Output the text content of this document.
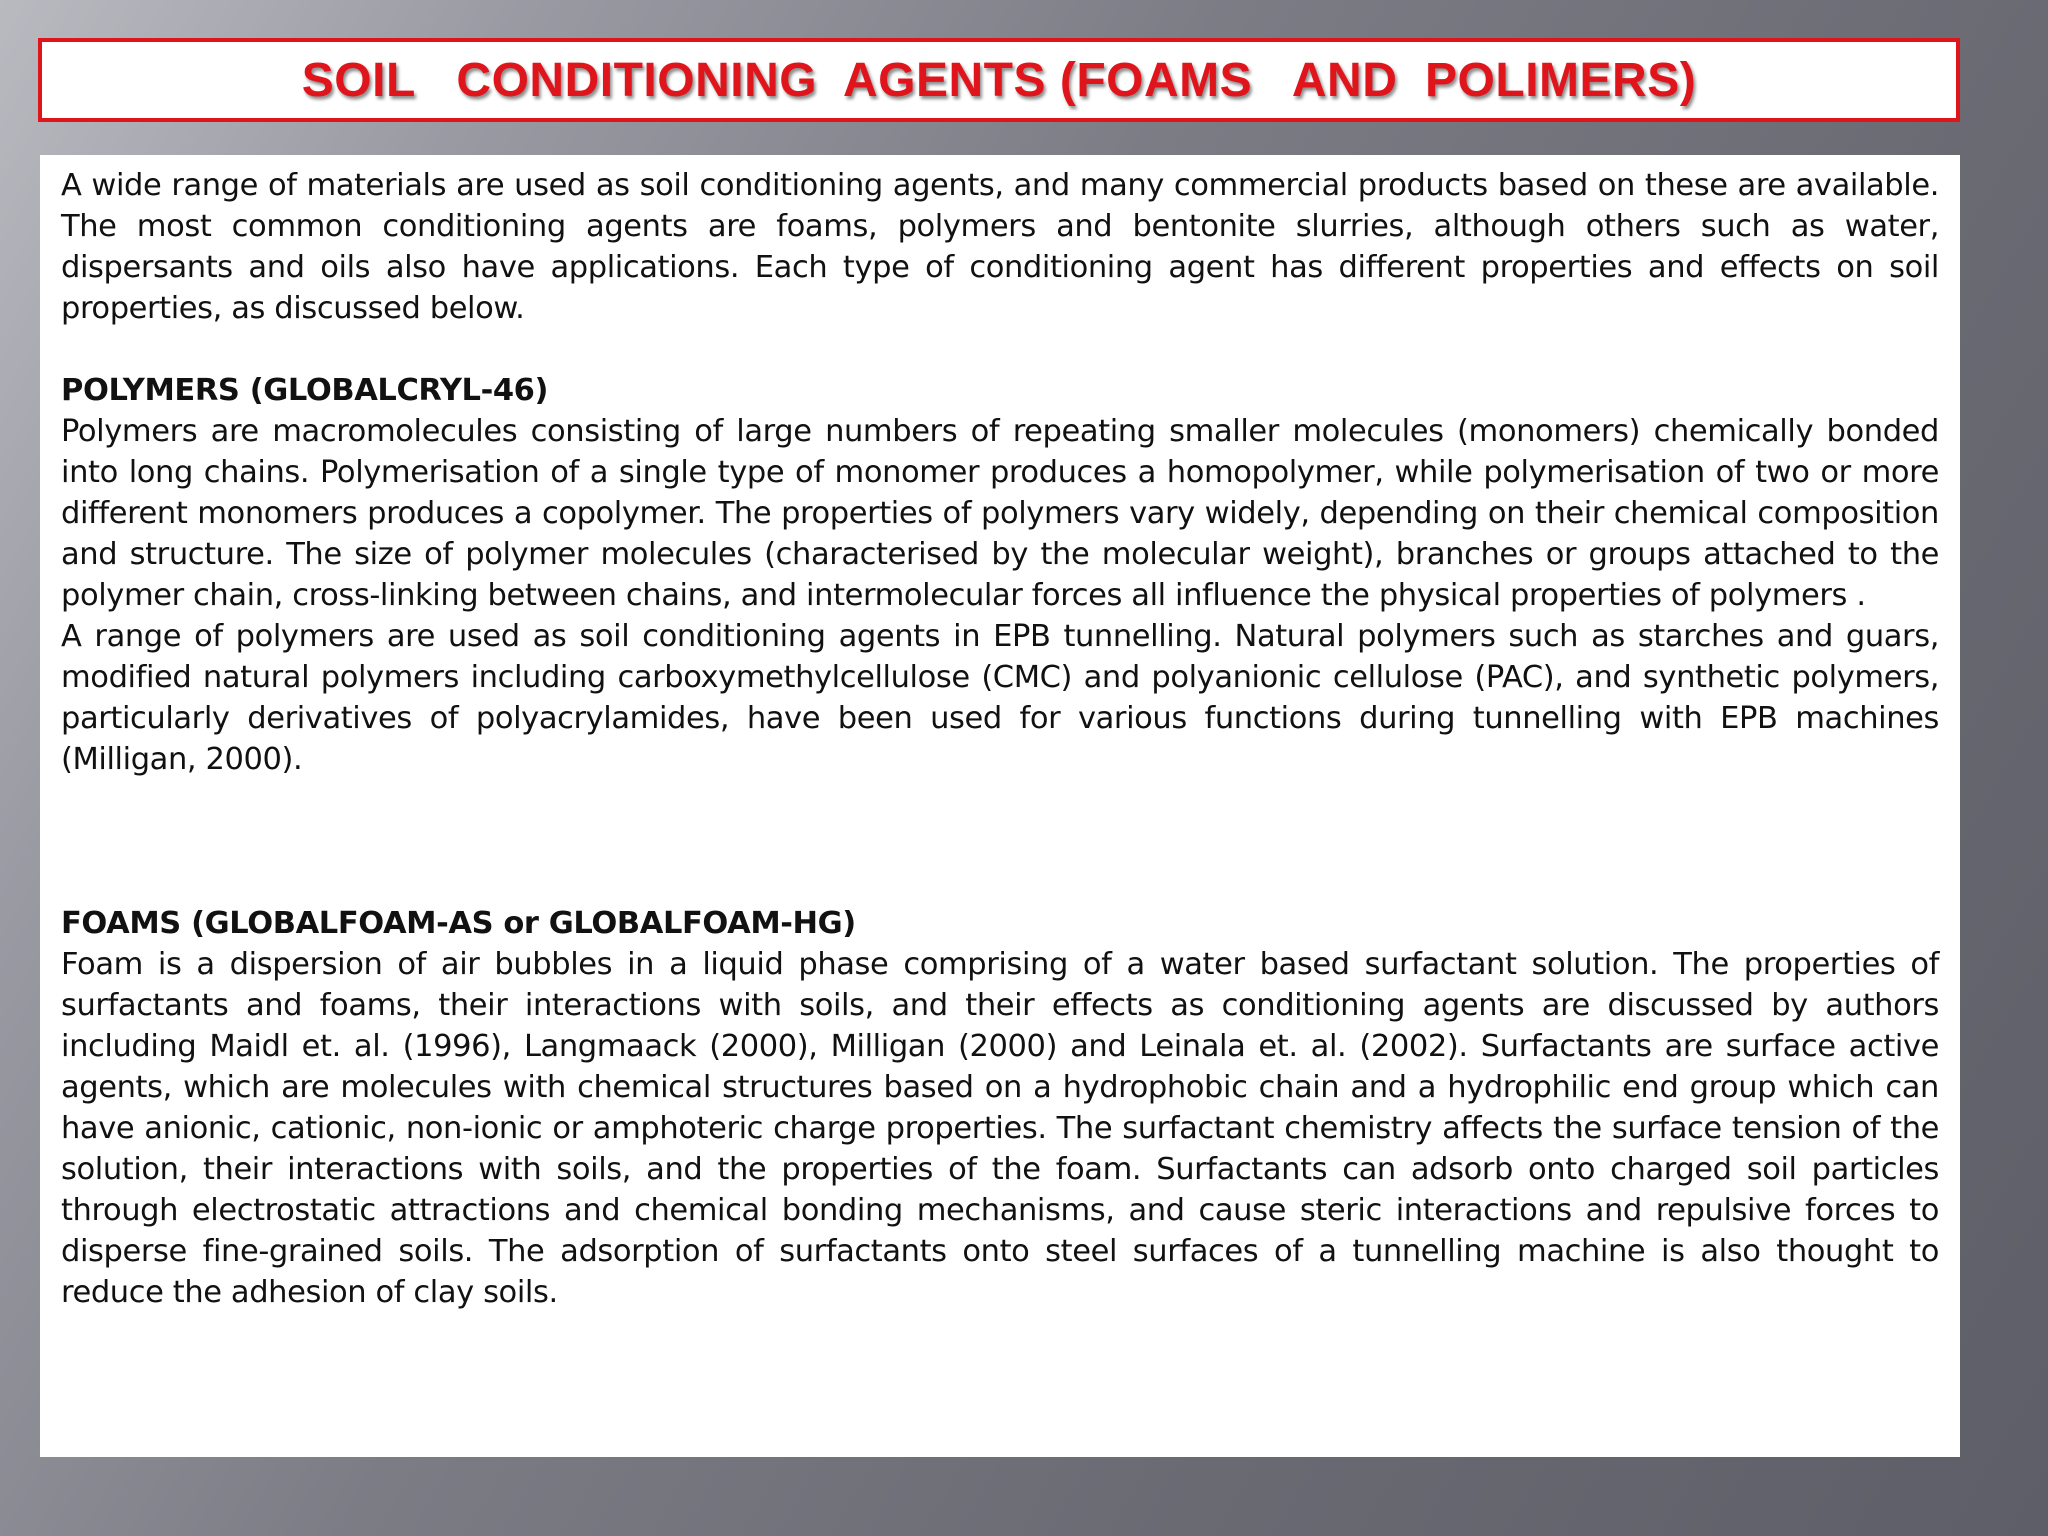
SOIL   CONDITIONING  AGENTS (FOAMS   AND  POLIMERS)

A wide range of materials are used as soil conditioning agents, and many commercial products based on these are available. The most common conditioning agents are foams, polymers and bentonite slurries, although others such as water, dispersants and oils also have applications. Each type of conditioning agent has different properties and effects on soil properties, as discussed below.

POLYMERS (GLOBALCRYL-46)

Polymers are macromolecules consisting of large numbers of repeating smaller molecules (monomers) chemically bonded into long chains. Polymerisation of a single type of monomer produces a homopolymer, while polymerisation of two or more different monomers produces a copolymer. The properties of polymers vary widely, depending on their chemical composition and structure. The size of polymer molecules (characterised by the molecular weight), branches or groups attached to the polymer chain, cross-linking between chains, and intermolecular forces all influence the physical properties of polymers .

A range of polymers are used as soil conditioning agents in EPB tunnelling. Natural polymers such as starches and guars, modified natural polymers including carboxymethylcellulose (CMC) and polyanionic cellulose (PAC), and synthetic polymers, particularly derivatives of polyacrylamides, have been used for various functions during tunnelling with EPB machines (Milligan, 2000).

FOAMS (GLOBALFOAM-AS or GLOBALFOAM-HG)

Foam is a dispersion of air bubbles in a liquid phase comprising of a water based surfactant solution. The properties of surfactants and foams, their interactions with soils, and their effects as conditioning agents are discussed by authors including Maidl et. al. (1996), Langmaack (2000), Milligan (2000) and Leinala et. al. (2002). Surfactants are surface active agents, which are molecules with chemical structures based on a hydrophobic chain and a hydrophilic end group which can have anionic, cationic, non-ionic or amphoteric charge properties. The surfactant chemistry affects the surface tension of the solution, their interactions with soils, and the properties of the foam. Surfactants can adsorb onto charged soil particles through electrostatic attractions and chemical bonding mechanisms, and cause steric interactions and repulsive forces to disperse fine-grained soils. The adsorption of surfactants onto steel surfaces of a tunnelling machine is also thought to reduce the adhesion of clay soils.
